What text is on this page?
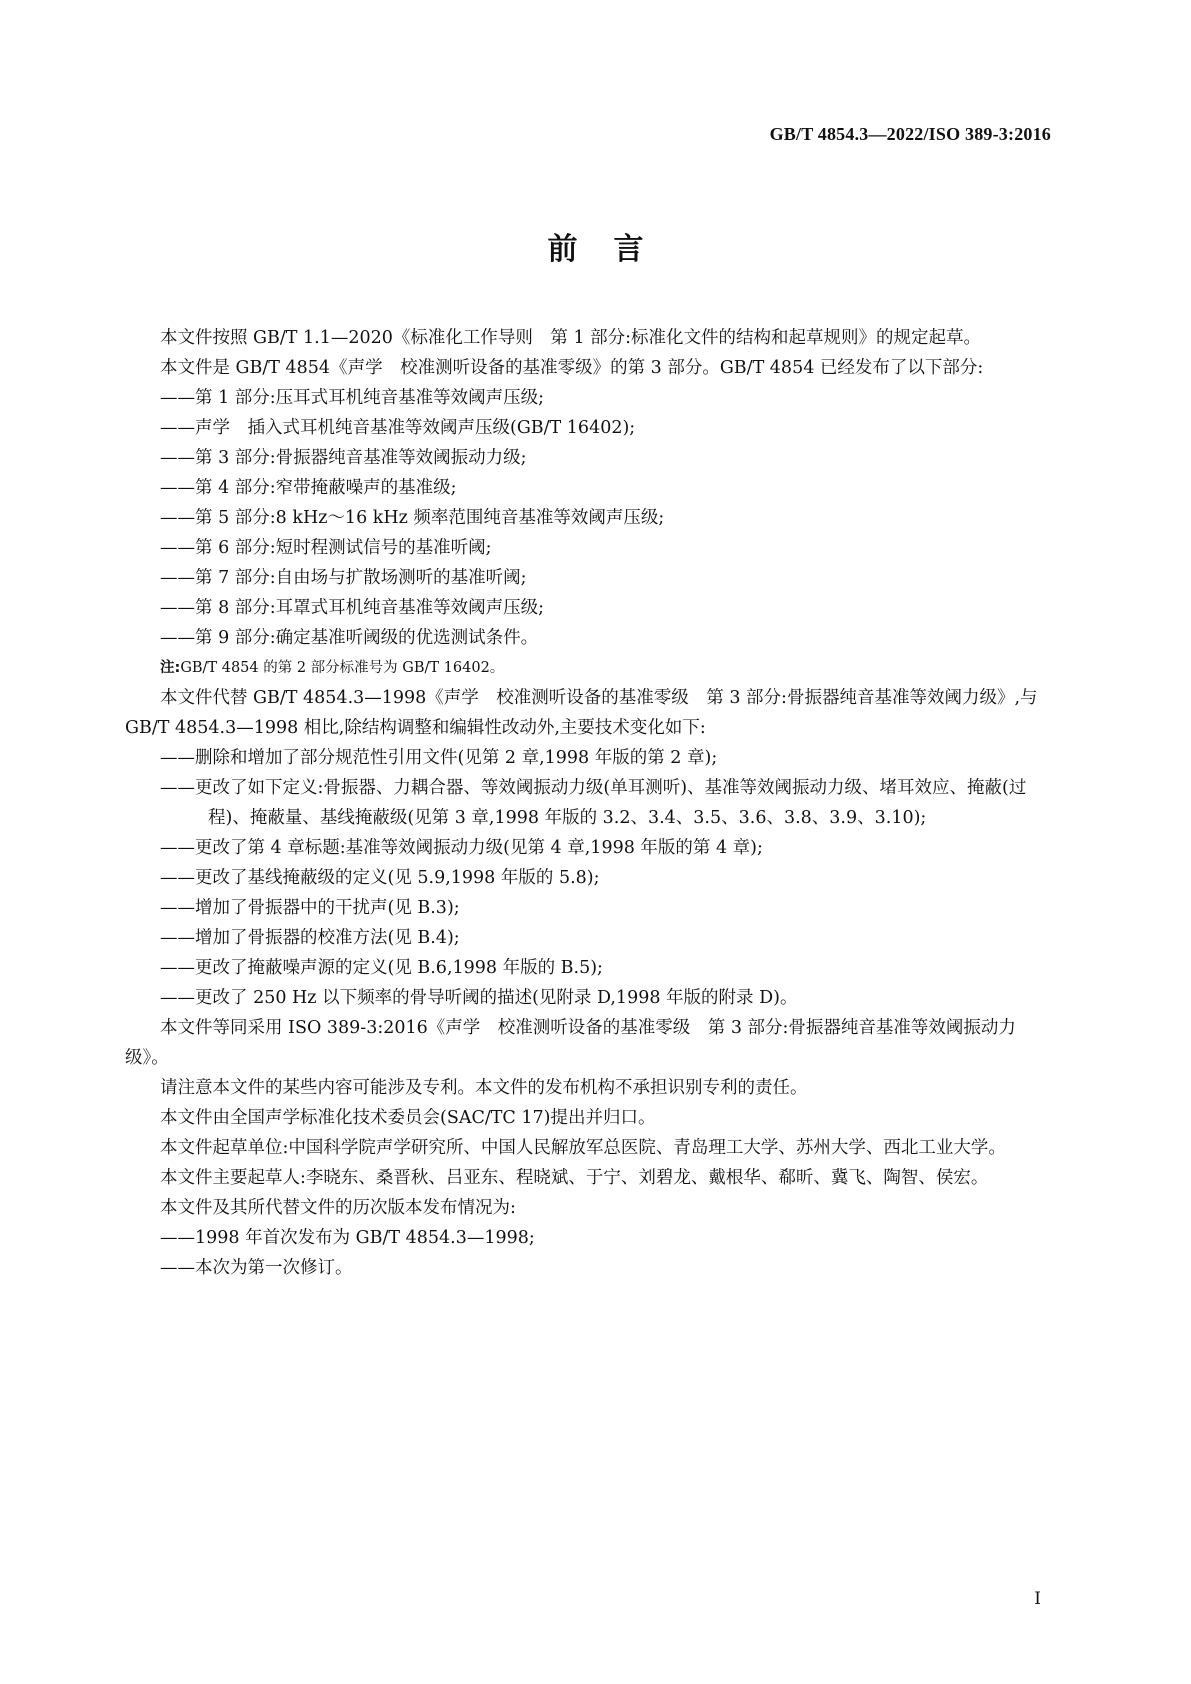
GB/T 4854.3—2022/ISO 389-3:2016
前言

本文件按照 GB/T 1.1—2020《标准化工作导则　第 1 部分:标准化文件的结构和起草规则》的规定起草。

本文件是 GB/T 4854《声学　校准测听设备的基准零级》的第 3 部分。GB/T 4854 已经发布了以下部分:

——第 1 部分:压耳式耳机纯音基准等效阈声压级;

——声学　插入式耳机纯音基准等效阈声压级(GB/T 16402);

——第 3 部分:骨振器纯音基准等效阈振动力级;

——第 4 部分:窄带掩蔽噪声的基准级;

——第 5 部分:8 kHz～16 kHz 频率范围纯音基准等效阈声压级;

——第 6 部分:短时程测试信号的基准听阈;

——第 7 部分:自由场与扩散场测听的基准听阈;

——第 8 部分:耳罩式耳机纯音基准等效阈声压级;

——第 9 部分:确定基准听阈级的优选测试条件。

注:GB/T 4854 的第 2 部分标准号为 GB/T 16402。

本文件代替 GB/T 4854.3—1998《声学　校准测听设备的基准零级　第 3 部分:骨振器纯音基准等效阈力级》,与 GB/T 4854.3—1998 相比,除结构调整和编辑性改动外,主要技术变化如下:

——删除和增加了部分规范性引用文件(见第 2 章,1998 年版的第 2 章);

——更改了如下定义:骨振器、力耦合器、等效阈振动力级(单耳测听)、基准等效阈振动力级、堵耳效应、掩蔽(过程)、掩蔽量、基线掩蔽级(见第 3 章,1998 年版的 3.2、3.4、3.5、3.6、3.8、3.9、3.10);

——更改了第 4 章标题:基准等效阈振动力级(见第 4 章,1998 年版的第 4 章);

——更改了基线掩蔽级的定义(见 5.9,1998 年版的 5.8);

——增加了骨振器中的干扰声(见 B.3);

——增加了骨振器的校准方法(见 B.4);

——更改了掩蔽噪声源的定义(见 B.6,1998 年版的 B.5);

——更改了 250 Hz 以下频率的骨导听阈的描述(见附录 D,1998 年版的附录 D)。

本文件等同采用 ISO 389-3:2016《声学　校准测听设备的基准零级　第 3 部分:骨振器纯音基准等效阈振动力级》。

请注意本文件的某些内容可能涉及专利。本文件的发布机构不承担识别专利的责任。

本文件由全国声学标准化技术委员会(SAC/TC 17)提出并归口。

本文件起草单位:中国科学院声学研究所、中国人民解放军总医院、青岛理工大学、苏州大学、西北工业大学。

本文件主要起草人:李晓东、桑晋秋、吕亚东、程晓斌、于宁、刘碧龙、戴根华、郗昕、冀飞、陶智、侯宏。

本文件及其所代替文件的历次版本发布情况为:

——1998 年首次发布为 GB/T 4854.3—1998;

——本次为第一次修订。

I
